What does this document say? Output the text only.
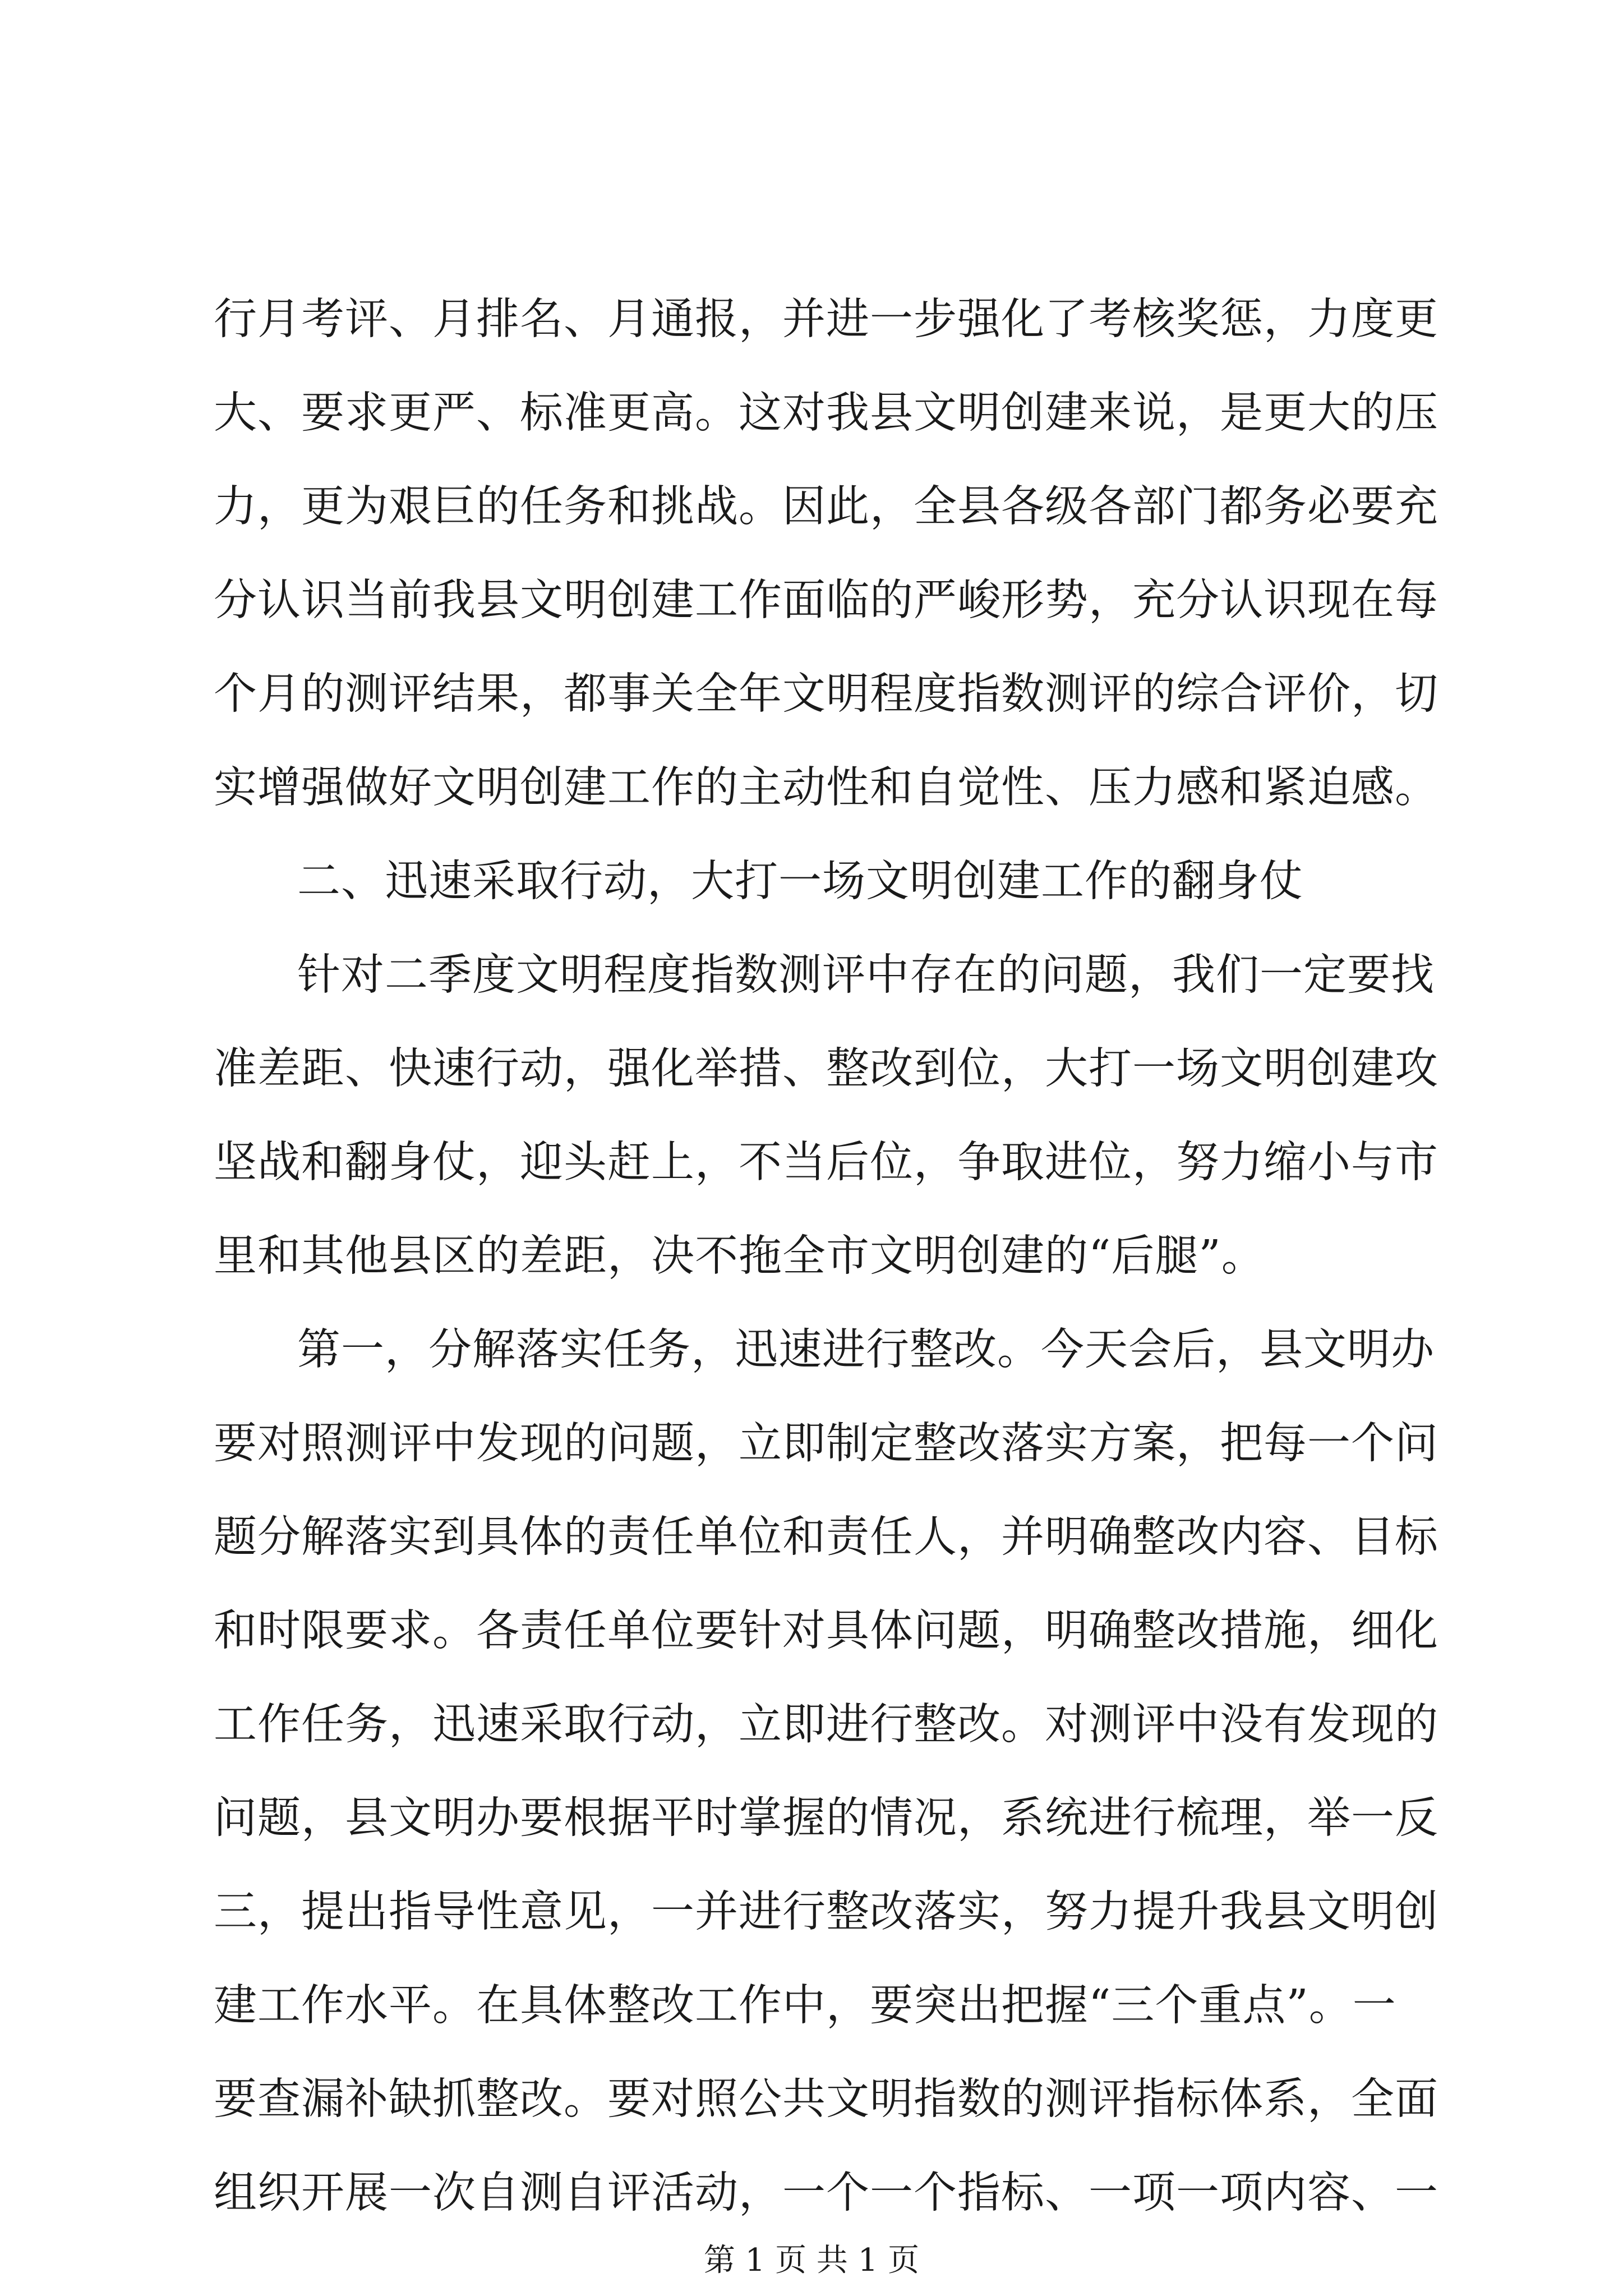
行月考评、月排名、月通报，并进一步强化了考核奖惩，力度更
大、要求更严、标准更高。这对我县文明创建来说，是更大的压
力，更为艰巨的任务和挑战。因此，全县各级各部门都务必要充
分认识当前我县文明创建工作面临的严峻形势，充分认识现在每
个月的测评结果，都事关全年文明程度指数测评的综合评价，切
实增强做好文明创建工作的主动性和自觉性、压力感和紧迫感。
二、迅速采取行动，大打一场文明创建工作的翻身仗
针对二季度文明程度指数测评中存在的问题，我们一定要找
准差距、快速行动，强化举措、整改到位，大打一场文明创建攻
坚战和翻身仗，迎头赶上，不当后位，争取进位，努力缩小与市
里和其他县区的差距，决不拖全市文明创建的“后腿”。
第一，分解落实任务，迅速进行整改。今天会后，县文明办
要对照测评中发现的问题，立即制定整改落实方案，把每一个问
题分解落实到具体的责任单位和责任人，并明确整改内容、目标
和时限要求。各责任单位要针对具体问题，明确整改措施，细化
工作任务，迅速采取行动，立即进行整改。对测评中没有发现的
问题，县文明办要根据平时掌握的情况，系统进行梳理，举一反
三，提出指导性意见，一并进行整改落实，努力提升我县文明创
建工作水平。在具体整改工作中，要突出把握“三个重点”。一
要查漏补缺抓整改。要对照公共文明指数的测评指标体系，全面
组织开展一次自测自评活动，一个一个指标、一项一项内容、一
第 1 页 共 1 页
